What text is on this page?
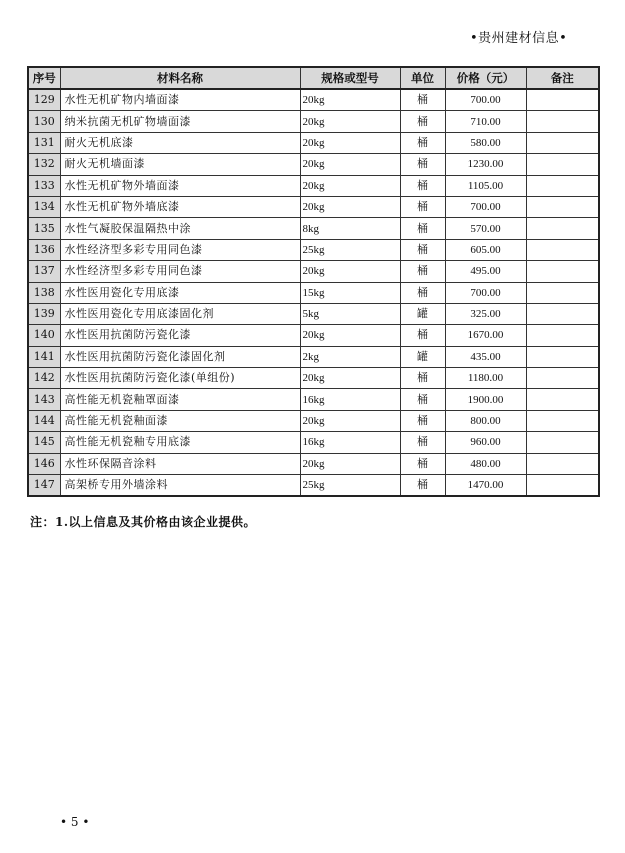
•贵州建材信息•
序号	材料名称	规格或型号	单位	价格（元）	备注
129	水性无机矿物内墙面漆	20kg	桶	700.00	
130	纳米抗菌无机矿物墙面漆	20kg	桶	710.00	
131	耐火无机底漆	20kg	桶	580.00	
132	耐火无机墙面漆	20kg	桶	1230.00	
133	水性无机矿物外墙面漆	20kg	桶	1105.00	
134	水性无机矿物外墙底漆	20kg	桶	700.00	
135	水性气凝胶保温隔热中涂	8kg	桶	570.00	
136	水性经济型多彩专用同色漆	25kg	桶	605.00	
137	水性经济型多彩专用同色漆	20kg	桶	495.00	
138	水性医用瓷化专用底漆	15kg	桶	700.00	
139	水性医用瓷化专用底漆固化剂	5kg	罐	325.00	
140	水性医用抗菌防污瓷化漆	20kg	桶	1670.00	
141	水性医用抗菌防污瓷化漆固化剂	2kg	罐	435.00	
142	水性医用抗菌防污瓷化漆(单组份)	20kg	桶	1180.00	
143	高性能无机瓷釉罩面漆	16kg	桶	1900.00	
144	高性能无机瓷釉面漆	20kg	桶	800.00	
145	高性能无机瓷釉专用底漆	16kg	桶	960.00	
146	水性环保隔音涂料	20kg	桶	480.00	
147	高架桥专用外墙涂料	25kg	桶	1470.00	
注：1.以上信息及其价格由该企业提供。
• 5 •
